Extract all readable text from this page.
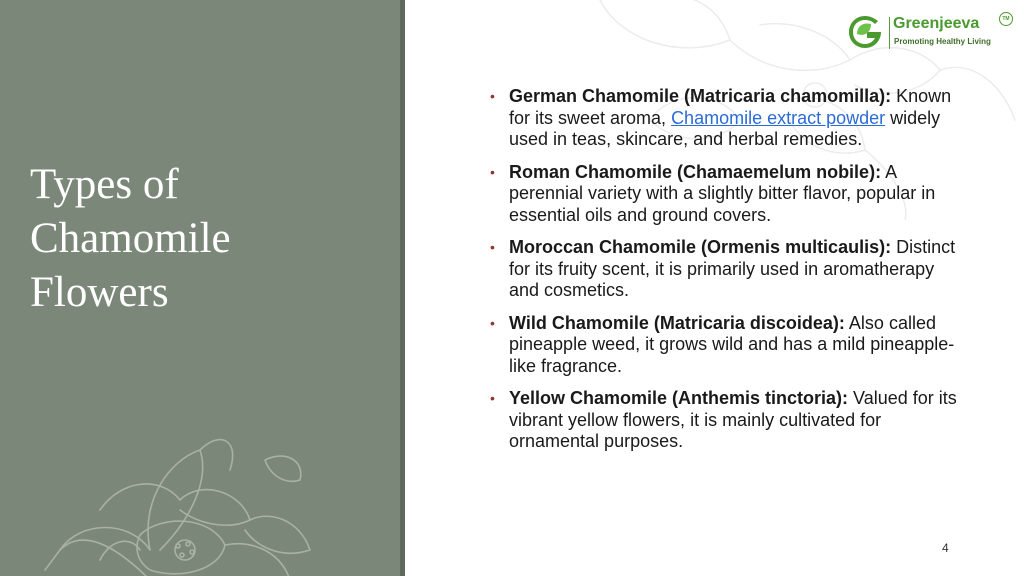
Types of
Chamomile
Flowers
Greenjeeva	TM
Promoting Healthy Living
• German Chamomile (Matricaria chamomilla): Known for its sweet aroma, Chamomile extract powder widely used in teas, skincare, and herbal remedies.
• Roman Chamomile (Chamaemelum nobile): A perennial variety with a slightly bitter flavor, popular in essential oils and ground covers.
• Moroccan Chamomile (Ormenis multicaulis): Distinct for its fruity scent, it is primarily used in aromatherapy and cosmetics.
• Wild Chamomile (Matricaria discoidea): Also called pineapple weed, it grows wild and has a mild pineapple-like fragrance.
• Yellow Chamomile (Anthemis tinctoria): Valued for its vibrant yellow flowers, it is mainly cultivated for ornamental purposes.
4
